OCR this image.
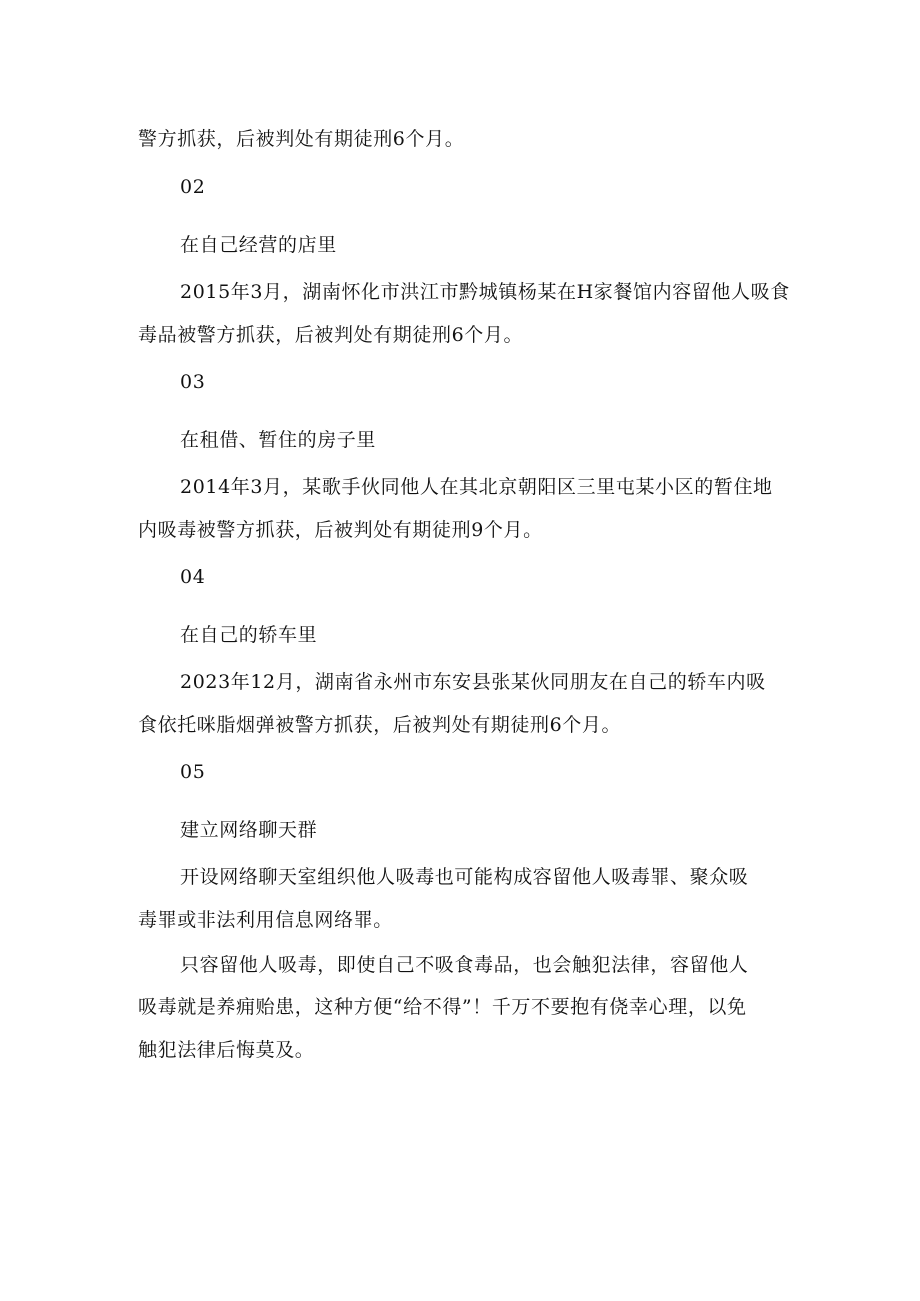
警方抓获，后被判处有期徒刑6个月。
02
在自己经营的店里
2015年3月，湖南怀化市洪江市黔城镇杨某在H家餐馆内容留他人吸食
毒品被警方抓获，后被判处有期徒刑6个月。
03
在租借、暂住的房子里
2014年3月，某歌手伙同他人在其北京朝阳区三里屯某小区的暂住地
内吸毒被警方抓获，后被判处有期徒刑9个月。
04
在自己的轿车里
2023年12月，湖南省永州市东安县张某伙同朋友在自己的轿车内吸
食依托咪脂烟弹被警方抓获，后被判处有期徒刑6个月。
05
建立网络聊天群
开设网络聊天室组织他人吸毒也可能构成容留他人吸毒罪、聚众吸
毒罪或非法利用信息网络罪。
只容留他人吸毒，即使自己不吸食毒品，也会触犯法律，容留他人
吸毒就是养痈贻患，这种方便“给不得”！千万不要抱有侥幸心理，以免
触犯法律后悔莫及。
